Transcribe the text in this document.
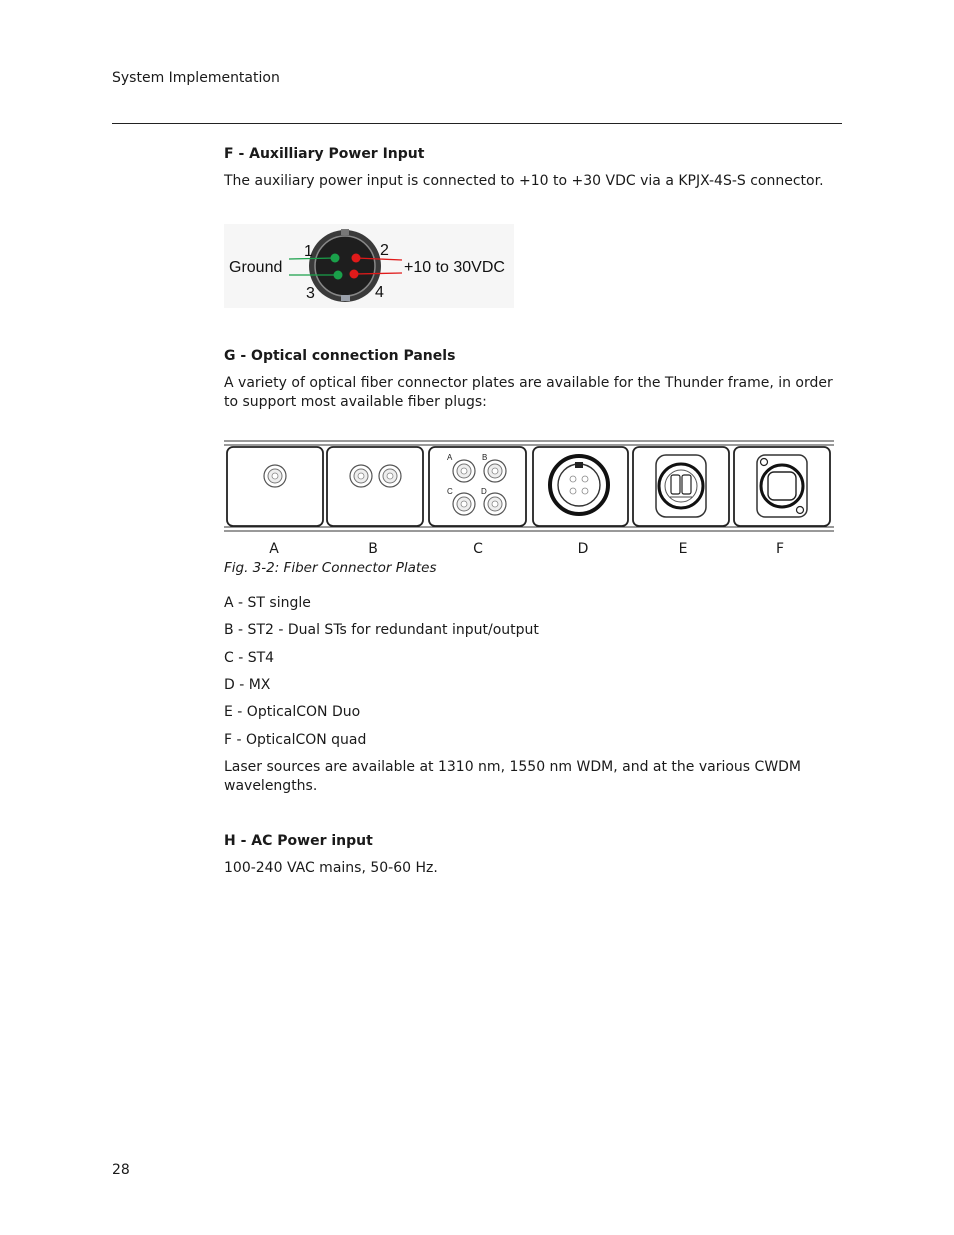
System Implementation
F - Auxilliary Power Input
The auxiliary power input is connected to +10 to +30 VDC via a KPJX-4S-S connector.
Ground	+10 to 30VDC
1	2
3	4
G - Optical connection Panels
A variety of optical fiber connector plates are available for the Thunder frame, in order to support most available fiber plugs:
A	B
C	D
A	B	C	D	E	F
Fig. 3-2: Fiber Connector Plates
A - ST single
B - ST2 - Dual STs for redundant input/output
C - ST4
D - MX
E - OpticalCON Duo
F - OpticalCON quad
Laser sources are available at 1310 nm, 1550 nm WDM, and at the various CWDM wavelengths.
H - AC Power input
100-240 VAC mains, 50-60 Hz.
28
